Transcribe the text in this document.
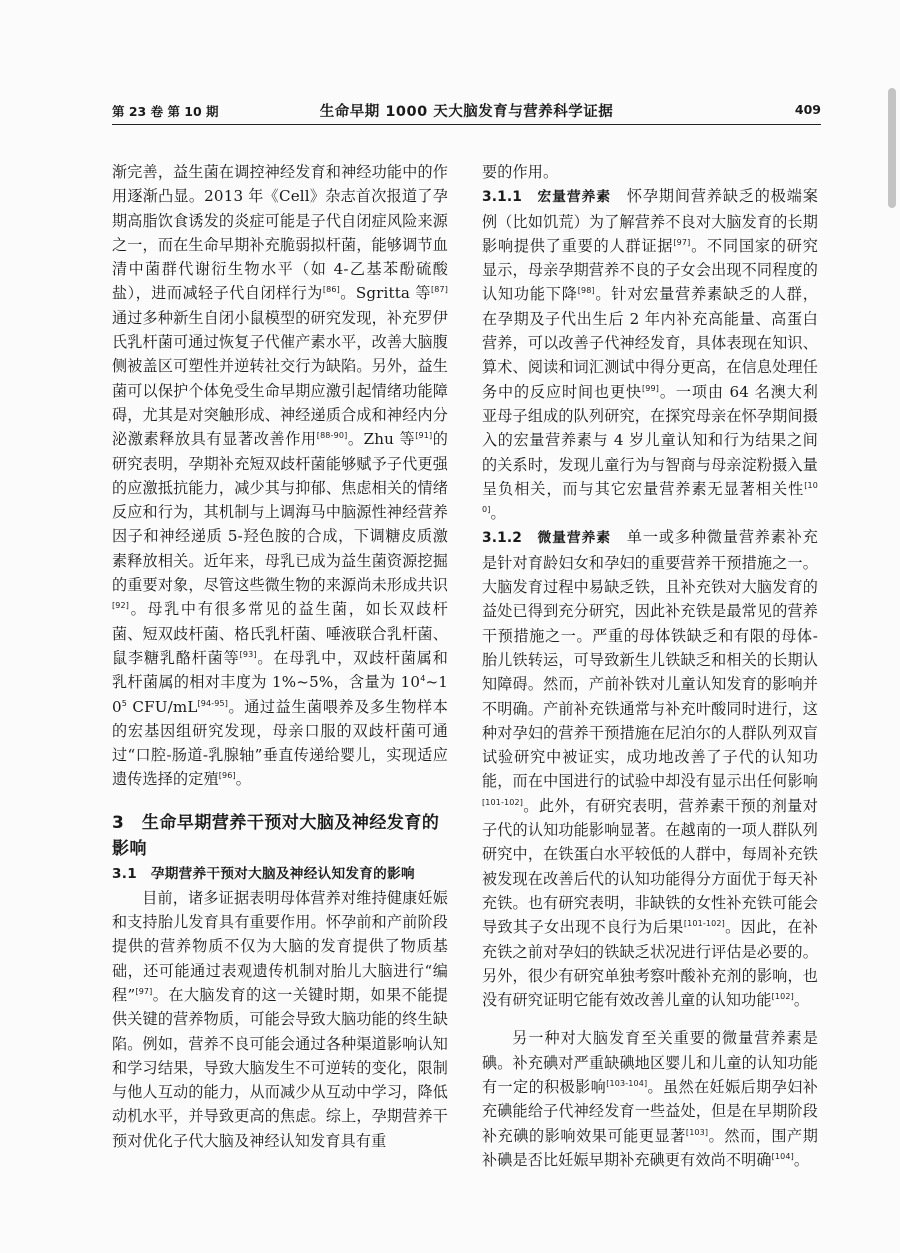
第 23 卷 第 10 期	生命早期 1000 天大脑发育与营养科学证据	409

渐完善，益生菌在调控神经发育和神经功能中的作用逐渐凸显。2013 年《Cell》杂志首次报道了孕期高脂饮食诱发的炎症可能是子代自闭症风险来源之一，而在生命早期补充脆弱拟杆菌，能够调节血清中菌群代谢衍生物水平（如 4-乙基苯酚硫酸盐），进而减轻子代自闭样行为[86]。Sgritta 等[87]通过多种新生自闭小鼠模型的研究发现，补充罗伊氏乳杆菌可通过恢复子代催产素水平，改善大脑腹侧被盖区可塑性并逆转社交行为缺陷。另外，益生菌可以保护个体免受生命早期应激引起情绪功能障碍，尤其是对突触形成、神经递质合成和神经内分泌激素释放具有显著改善作用[88-90]。Zhu 等[91]的研究表明，孕期补充短双歧杆菌能够赋予子代更强的应激抵抗能力，减少其与抑郁、焦虑相关的情绪反应和行为，其机制与上调海马中脑源性神经营养因子和神经递质 5-羟色胺的合成，下调糖皮质激素释放相关。近年来，母乳已成为益生菌资源挖掘的重要对象，尽管这些微生物的来源尚未形成共识[92]。母乳中有很多常见的益生菌，如长双歧杆菌、短双歧杆菌、格氏乳杆菌、唾液联合乳杆菌、鼠李糖乳酪杆菌等[93]。在母乳中，双歧杆菌属和乳杆菌属的相对丰度为 1%~5%，含量为 $10^4\sim 10^5$ CFU/mL[94-95]。通过益生菌喂养及多生物样本的宏基因组研究发现，母亲口服的双歧杆菌可通过“口腔-肠道-乳腺轴”垂直传递给婴儿，实现适应遗传选择的定殖[96]。

3　生命早期营养干预对大脑及神经发育的影响
3.1　孕期营养干预对大脑及神经认知发育的影响

目前，诸多证据表明母体营养对维持健康妊娠和支持胎儿发育具有重要作用。怀孕前和产前阶段提供的营养物质不仅为大脑的发育提供了物质基础，还可能通过表观遗传机制对胎儿大脑进行“编程”[97]。在大脑发育的这一关键时期，如果不能提供关键的营养物质，可能会导致大脑功能的终生缺陷。例如，营养不良可能会通过各种渠道影响认知和学习结果，导致大脑发生不可逆转的变化，限制与他人互动的能力，从而减少从互动中学习，降低动机水平，并导致更高的焦虑。综上，孕期营养干预对优化子代大脑及神经认知发育具有重

要的作用。

3.1.1　宏量营养素　怀孕期间营养缺乏的极端案例（比如饥荒）为了解营养不良对大脑发育的长期影响提供了重要的人群证据[97]。不同国家的研究显示，母亲孕期营养不良的子女会出现不同程度的认知功能下降[98]。针对宏量营养素缺乏的人群，在孕期及子代出生后 2 年内补充高能量、高蛋白营养，可以改善子代神经发育，具体表现在知识、算术、阅读和词汇测试中得分更高，在信息处理任务中的反应时间也更快[99]。一项由 64 名澳大利亚母子组成的队列研究，在探究母亲在怀孕期间摄入的宏量营养素与 4 岁儿童认知和行为结果之间的关系时，发现儿童行为与智商与母亲淀粉摄入量呈负相关，而与其它宏量营养素无显著相关性[100]。

3.1.2　微量营养素　单一或多种微量营养素补充是针对育龄妇女和孕妇的重要营养干预措施之一。大脑发育过程中易缺乏铁，且补充铁对大脑发育的益处已得到充分研究，因此补充铁是最常见的营养干预措施之一。严重的母体铁缺乏和有限的母体-胎儿铁转运，可导致新生儿铁缺乏和相关的长期认知障碍。然而，产前补铁对儿童认知发育的影响并不明确。产前补充铁通常与补充叶酸同时进行，这种对孕妇的营养干预措施在尼泊尔的人群队列双盲试验研究中被证实，成功地改善了子代的认知功能，而在中国进行的试验中却没有显示出任何影响[101-102]。此外，有研究表明，营养素干预的剂量对子代的认知功能影响显著。在越南的一项人群队列研究中，在铁蛋白水平较低的人群中，每周补充铁被发现在改善后代的认知功能得分方面优于每天补充铁。也有研究表明，非缺铁的女性补充铁可能会导致其子女出现不良行为后果[101-102]。因此，在补充铁之前对孕妇的铁缺乏状况进行评估是必要的。另外，很少有研究单独考察叶酸补充剂的影响，也没有研究证明它能有效改善儿童的认知功能[102]。

另一种对大脑发育至关重要的微量营养素是碘。补充碘对严重缺碘地区婴儿和儿童的认知功能有一定的积极影响[103-104]。虽然在妊娠后期孕妇补充碘能给子代神经发育一些益处，但是在早期阶段补充碘的影响效果可能更显著[103]。然而，围产期补碘是否比妊娠早期补充碘更有效尚不明确[104]。
